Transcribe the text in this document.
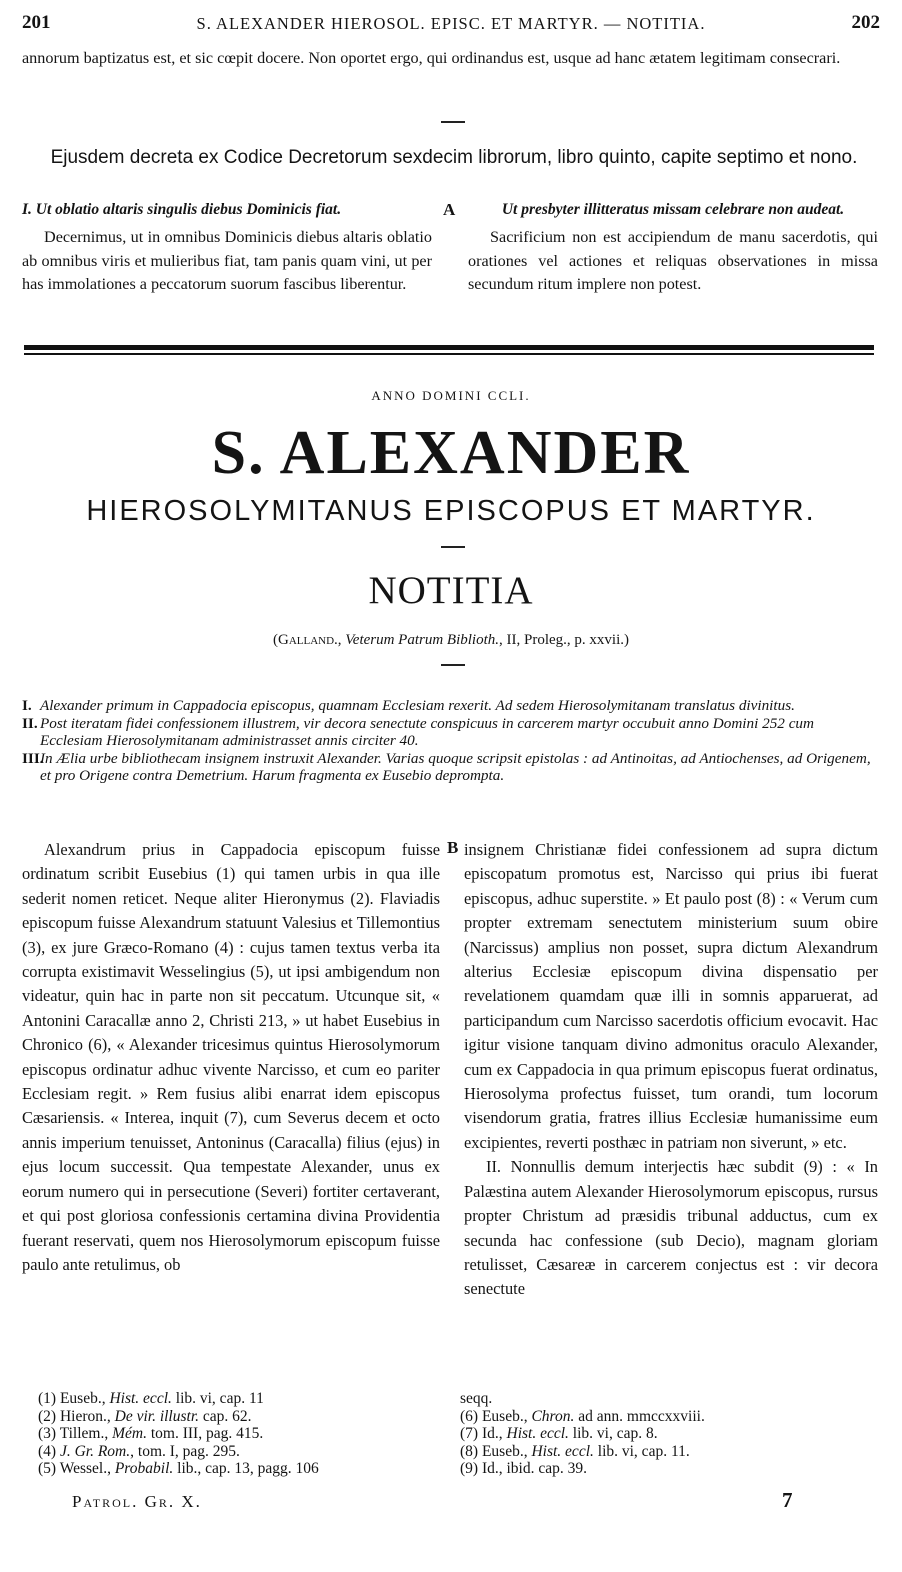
201	S. ALEXANDER HIEROSOL. EPISC. ET MARTYR. — NOTITIA.	202
annorum baptizatus est, et sic cœpit docere. Non oportet ergo, qui ordinandus est, usque ad hanc ætatem legitimam consecrari.
Ejusdem decreta ex Codice Decretorum sexdecim librorum, libro quinto, capite septimo et nono.

I. Ut oblatio altaris singulis diebus Dominicis fiat.

Decernimus, ut in omnibus Dominicis diebus altaris oblatio ab omnibus viris et mulieribus fiat, tam panis quam vini, ut per has immolationes a peccatorum suorum fascibus liberentur.

A	Ut presbyter illitteratus missam celebrare non audeat.

Sacrificium non est accipiendum de manu sacerdotis, qui orationes vel actiones et reliquas observationes in missa secundum ritum implere non potest.

ANNO DOMINI CCLI.
S. ALEXANDER
HIEROSOLYMITANUS EPISCOPUS ET MARTYR.
NOTITIA
(Galland., Veterum Patrum Biblioth., II, Proleg., p. xxvii.)
I. Alexander primum in Cappadocia episcopus, quamnam Ecclesiam rexerit. Ad sedem Hierosolymitanam translatus divinitus.
II. Post iteratam fidei confessionem illustrem, vir decora senectute conspicuus in carcerem martyr occubuit anno Domini 252 cum Ecclesiam Hierosolymitanam administrasset annis circiter 40.
III.
In Ælia urbe bibliothecam insignem instruxit Alexander. Varias quoque scripsit epistolas : ad Antinoitas, ad Antiochenses, ad Origenem, et pro Origene contra Demetrium. Harum fragmenta ex Eusebio deprompta.

Alexandrum prius in Cappadocia episcopum fuisse ordinatum scribit Eusebius (1) qui tamen urbis in qua ille sederit nomen reticet. Neque aliter Hieronymus (2). Flaviadis episcopum fuisse Alexandrum statuunt Valesius et Tillemontius (3), ex jure Græco-Romano (4) : cujus tamen textus verba ita corrupta existimavit Wesselingius (5), ut ipsi ambigendum non videatur, quin hac in parte non sit peccatum. Utcunque sit, « Antonini Caracallæ anno 2, Christi 213, » ut habet Eusebius in Chronico (6), « Alexander tricesimus quintus Hierosolymorum episcopus ordinatur adhuc vivente Narcisso, et cum eo pariter Ecclesiam regit. » Rem fusius alibi enarrat idem episcopus Cæsariensis. « Interea, inquit (7), cum Severus decem et octo annis imperium tenuisset, Antoninus (Caracalla) filius (ejus) in ejus locum successit. Qua tempestate Alexander, unus ex eorum numero qui in persecutione (Severi) fortiter certaverant, et qui post gloriosa confessionis certamina divina Providentia fuerant reservati, quem nos Hierosolymorum episcopum fuisse paulo ante retulimus, ob

B insignem Christianæ fidei confessionem ad supra dictum episcopatum promotus est, Narcisso qui prius ibi fuerat episcopus, adhuc superstite. » Et paulo post (8) : « Verum cum propter extremam senectutem ministerium suum obire (Narcissus) amplius non posset, supra dictum Alexandrum alterius Ecclesiæ episcopum divina dispensatio per revelationem quamdam quæ illi in somnis apparuerat, ad participandum cum Narcisso sacerdotis officium evocavit. Hac igitur visione tanquam divino admonitus oraculo Alexander, cum ex Cappadocia in qua primum episcopus fuerat ordinatus, Hierosolyma profectus fuisset, tum orandi, tum locorum visendorum gratia, fratres illius Ecclesiæ humanissime eum excipientes, reverti posthæc in patriam non siverunt, » etc.

II. Nonnullis demum interjectis hæc subdit (9) : « In Palæstina autem Alexander Hierosolymorum episcopus, rursus propter Christum ad præsidis tribunal adductus, cum ex secunda hac confessione (sub Decio), magnam gloriam retulisset, Cæsareæ in carcerem conjectus est : vir decora senectute

(1) Euseb., Hist. eccl. lib. vi, cap. 11
(2) Hieron., De vir. illustr. cap. 62.
(3) Tillem., Mém. tom. III, pag. 415.
(4) J. Gr. Rom., tom. I, pag. 295.
(5) Wessel., Probabil. lib., cap. 13, pagg. 106
seqq.
(6) Euseb., Chron. ad ann. mmccxxviii.
(7) Id., Hist. eccl. lib. vi, cap. 8.
(8) Euseb., Hist. eccl. lib. vi, cap. 11.
(9) Id., ibid. cap. 39.
Patrol. Gr. X.	7
